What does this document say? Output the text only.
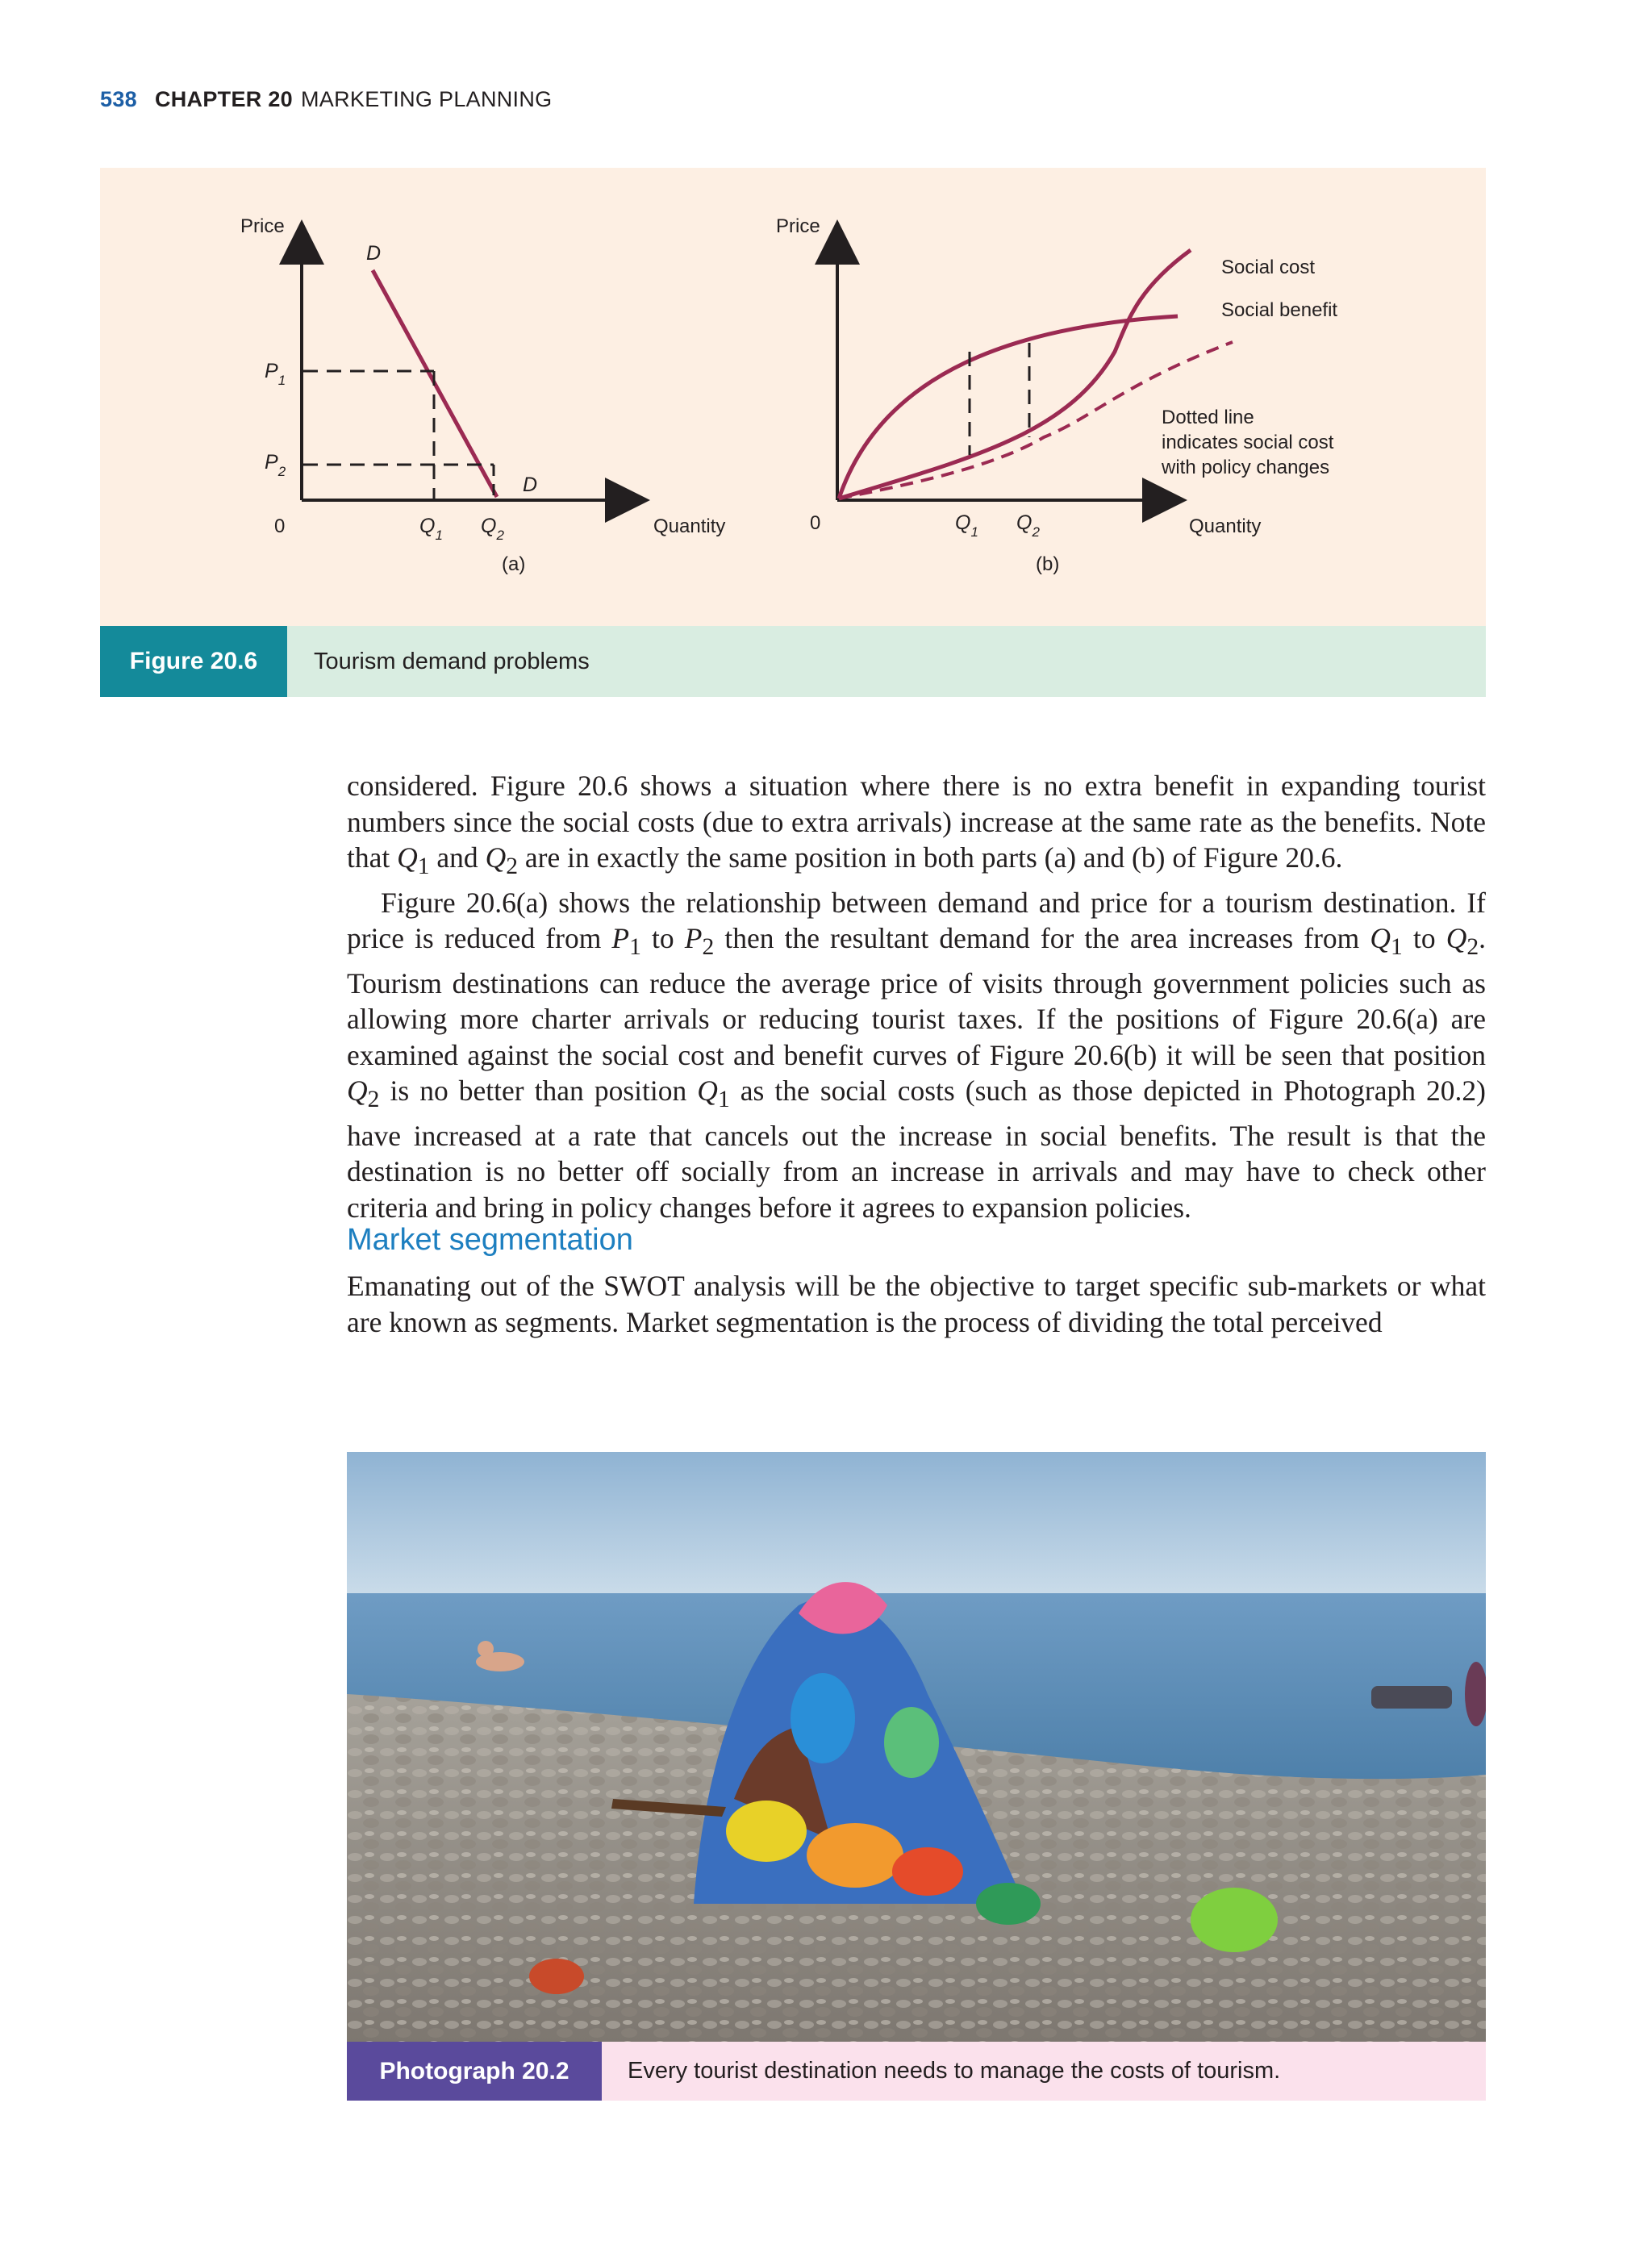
538 CHAPTER 20 MARKETING PLANNING
Price
D
D
$P_1$
$P_2$
0	$Q_1$ $Q_2$	Quantity
(a)
Price
Social cost
Social benefit
Dotted line
indicates social cost
with policy changes
0	$Q_1$ $Q_2$	Quantity
(b)
Figure 20.6	Tourism demand problems

considered. Figure 20.6 shows a situation where there is no extra benefit in expanding tourist numbers since the social costs (due to extra arrivals) increase at the same rate as the benefits. Note that $Q_1$ and $Q_2$ are in exactly the same position in both parts (a) and (b) of Figure 20.6.

Figure 20.6(a) shows the relationship between demand and price for a tourism destination. If price is reduced from $P_1$ to $P_2$ then the resultant demand for the area increases from $Q_1$ to $Q_2$. Tourism destinations can reduce the average price of visits through government policies such as allowing more charter arrivals or reducing tourist taxes. If the positions of Figure 20.6(a) are examined against the social cost and benefit curves of Figure 20.6(b) it will be seen that position $Q_2$ is no better than position $Q_1$ as the social costs (such as those depicted in Photograph 20.2) have increased at a rate that cancels out the increase in social benefits. The result is that the destination is no better off socially from an increase in arrivals and may have to check other criteria and bring in policy changes before it agrees to expansion policies.

Market segmentation

Emanating out of the SWOT analysis will be the objective to target specific sub-markets or what are known as segments. Market segmentation is the process of dividing the total perceived

Photograph 20.2	Every tourist destination needs to manage the costs of tourism.
